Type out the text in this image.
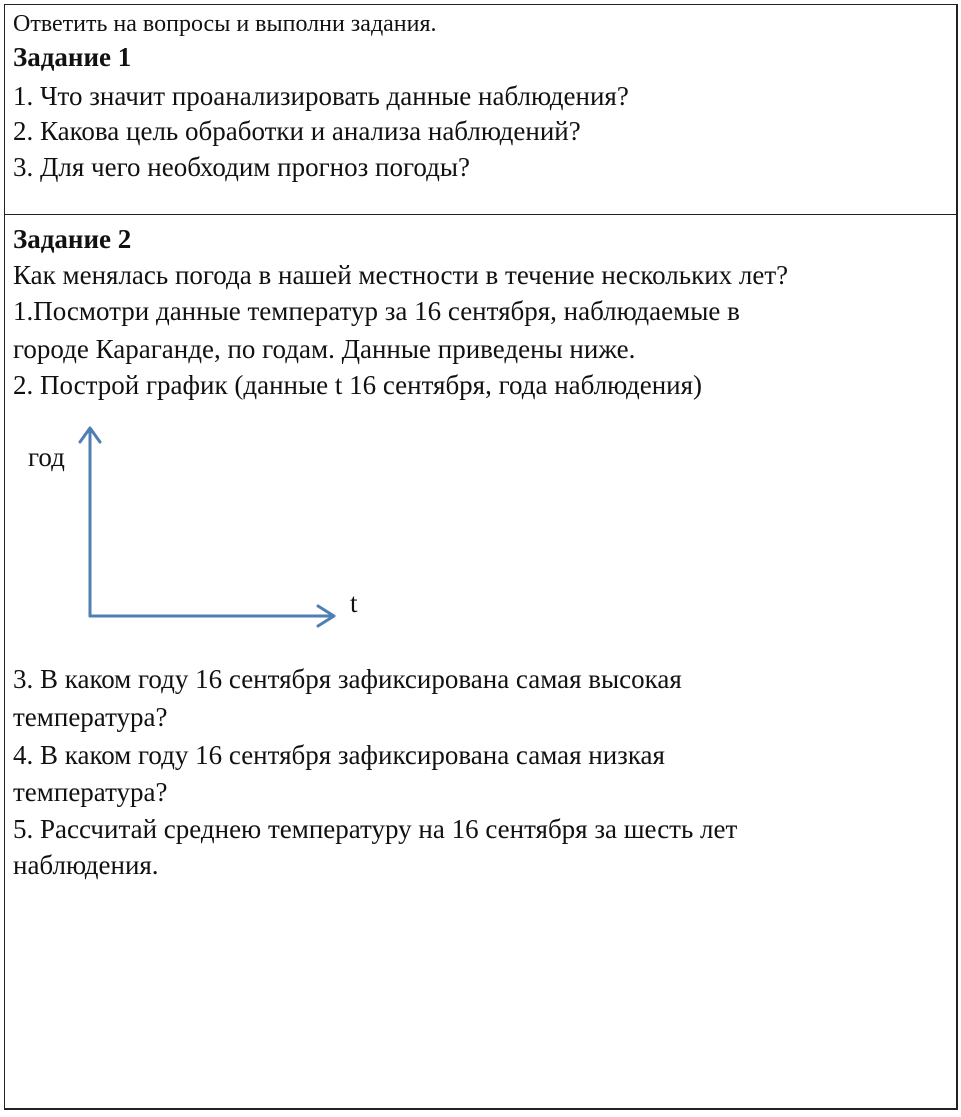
Ответить на вопросы и выполни задания.
Задание 1
1. Что значит проанализировать данные наблюдения?
2. Какова цель обработки и анализа наблюдений?
3. Для чего необходим прогноз погоды?
Задание 2
Как менялась погода в нашей местности в течение нескольких лет?
1.Посмотри данные температур за 16 сентября, наблюдаемые в
городе Караганде, по годам. Данные приведены ниже.
2. Построй график (данные t 16 сентября, года наблюдения)
год
t
3. В каком году 16 сентября зафиксирована самая высокая
температура?
4. В каком году 16 сентября зафиксирована самая низкая
температура?
5. Рассчитай среднею температуру на 16 сентября за шесть лет
наблюдения.
